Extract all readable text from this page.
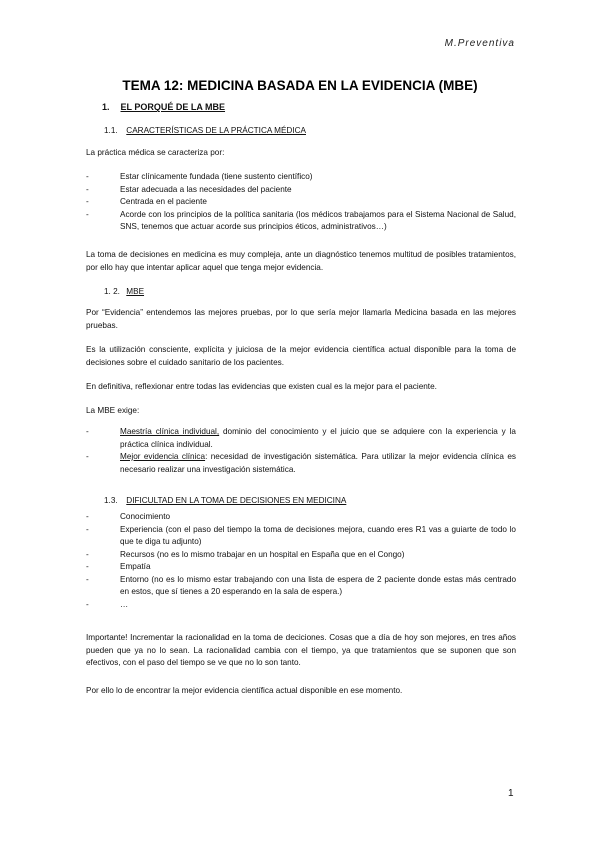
M.Preventiva
TEMA 12: MEDICINA BASADA EN LA EVIDENCIA (MBE)
1. EL PORQUÉ DE LA MBE
1.1. CARACTERÍSTICAS DE LA PRÁCTICA MÉDICA

La práctica médica se caracteriza por:

- Estar clínicamente fundada (tiene sustento científico)
- Estar adecuada a las necesidades del paciente
- Centrada en el paciente
- Acorde con los principios de la política sanitaria (los médicos trabajamos para el Sistema Nacional de Salud, SNS, tenemos que actuar acorde sus principios éticos, administrativos…)

La toma de decisiones en medicina es muy compleja, ante un diagnóstico tenemos multitud de posibles tratamientos, por ello hay que intentar aplicar aquel que tenga mejor evidencia.

1. 2. MBE

Por “Evidencia” entendemos las mejores pruebas, por lo que sería mejor llamarla Medicina basada en las mejores pruebas.

Es la utilización consciente, explícita y juiciosa de la mejor evidencia científica actual disponible para la toma de decisiones sobre el cuidado sanitario de los pacientes.

En definitiva, reflexionar entre todas las evidencias que existen cual es la mejor para el paciente.

La MBE exige:

- Maestría clínica individual, dominio del conocimiento y el juicio que se adquiere con la experiencia y la práctica clínica individual.
- Mejor evidencia clínica: necesidad de investigación sistemática. Para utilizar la mejor evidencia clínica es necesario realizar una investigación sistemática.
1.3. DIFICULTAD EN LA TOMA DE DECISIONES EN MEDICINA
- Conocimiento
- Experiencia (con el paso del tiempo la toma de decisiones mejora, cuando eres R1 vas a guiarte de todo lo que te diga tu adjunto)
- Recursos (no es lo mismo trabajar en un hospital en España que en el Congo)
- Empatía
- Entorno (no es lo mismo estar trabajando con una lista de espera de 2 paciente donde estas más centrado en estos, que sí tienes a 20 esperando en la sala de espera.)
- …

Importante! Incrementar la racionalidad en la toma de deciciones. Cosas que a día de hoy son mejores, en tres años pueden que ya no lo sean. La racionalidad cambia con el tiempo, ya que tratamientos que se suponen que son efectivos, con el paso del tiempo se ve que no lo son tanto.

Por ello lo de encontrar la mejor evidencia científica actual disponible en ese momento.

1
